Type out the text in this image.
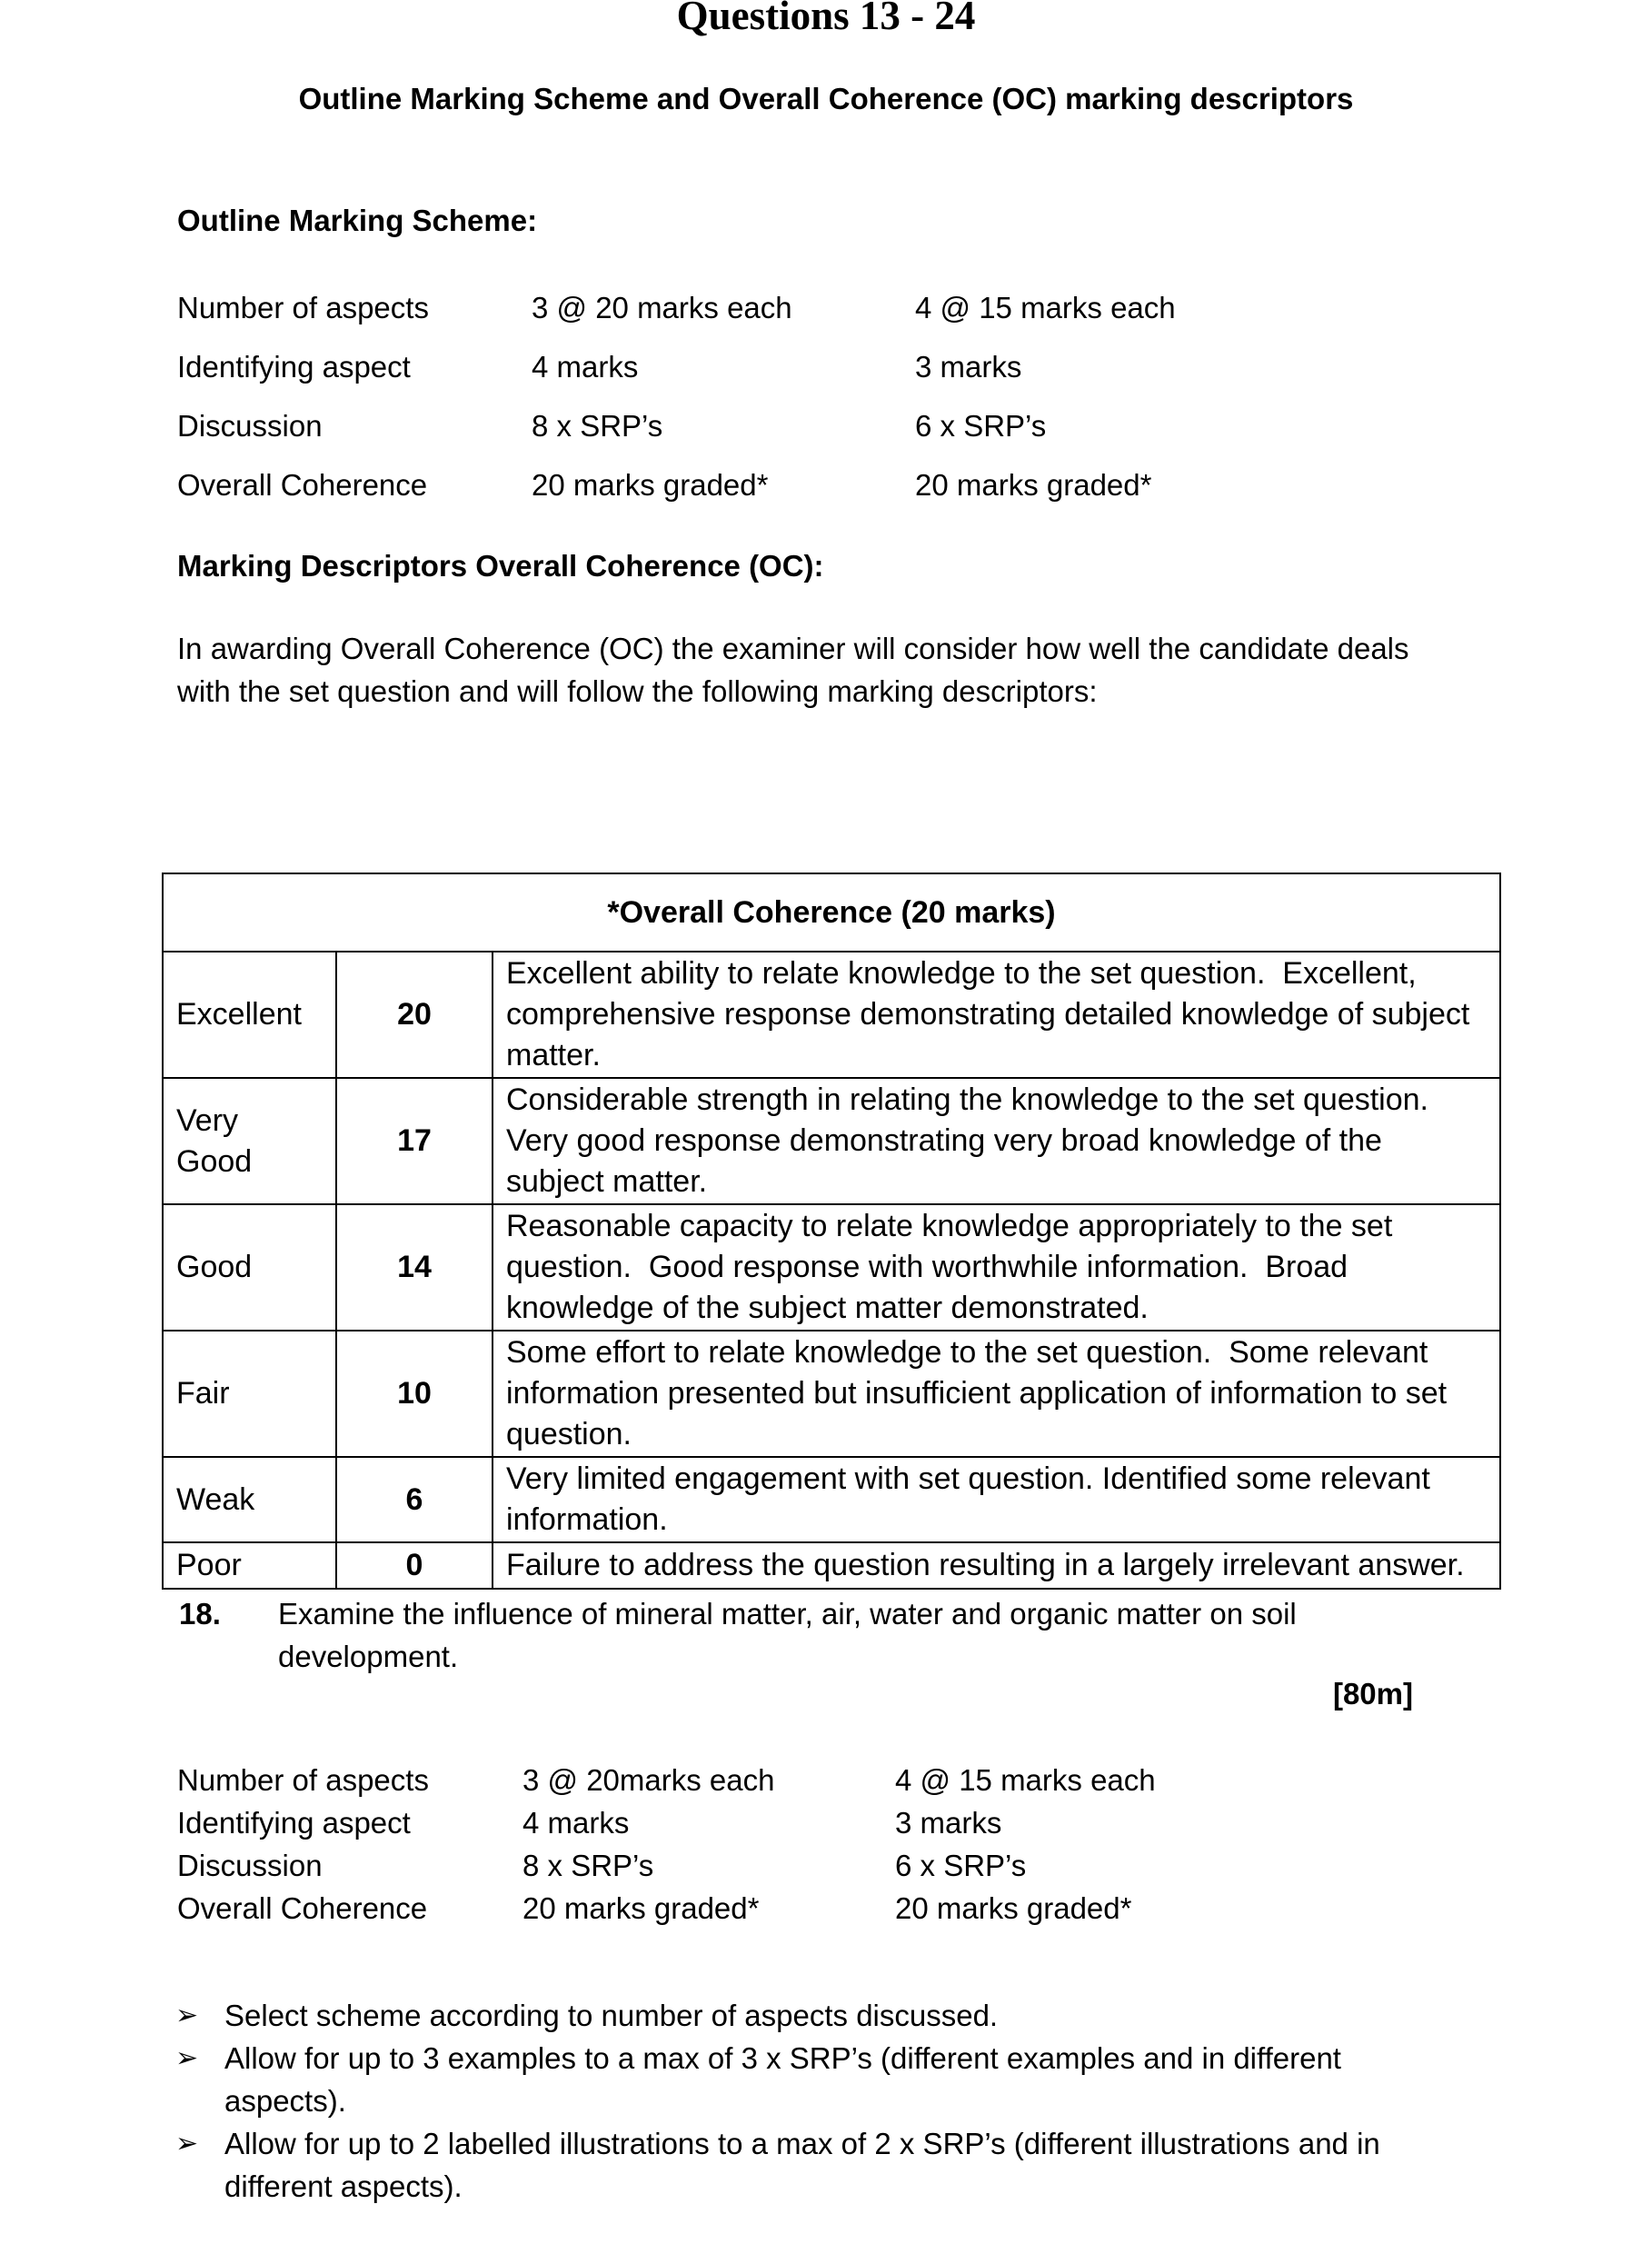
Questions 13 - 24
Outline Marking Scheme and Overall Coherence (OC) marking descriptors
Outline Marking Scheme:
Number of aspects	3 @ 20 marks each	4 @ 15 marks each
Identifying aspect	4 marks	3 marks
Discussion	8 x SRP’s	6 x SRP’s
Overall Coherence	20 marks graded*	20 marks graded*
Marking Descriptors Overall Coherence (OC):
In awarding Overall Coherence (OC) the examiner will consider how well the candidate deals with the set question and will follow the following marking descriptors:
*Overall Coherence (20 marks)		
Excellent	20	Excellent ability to relate knowledge to the set question.  Excellent, comprehensive response demonstrating detailed knowledge of subject matter.
Very Good	17	Considerable strength in relating the knowledge to the set question.  Very good response demonstrating very broad knowledge of the subject matter.
Good	14	Reasonable capacity to relate knowledge appropriately to the set question.  Good response with worthwhile information.  Broad knowledge of the subject matter demonstrated.
Fair	10	Some effort to relate knowledge to the set question.  Some relevant information presented but insufficient application of information to set question.
Weak	6	Very limited engagement with set question. Identified some relevant information.
Poor	0	Failure to address the question resulting in a largely irrelevant answer.
18. Examine the influence of mineral matter, air, water and organic matter on soil development.
[80m]
Number of aspects	3 @ 20marks each	4 @ 15 marks each
Identifying aspect	4 marks	3 marks
Discussion	8 x SRP’s	6 x SRP’s
Overall Coherence	20 marks graded*	20 marks graded*
➢ Select scheme according to number of aspects discussed.
➢ Allow for up to 3 examples to a max of 3 x SRP’s (different examples and in different aspects).
➢ Allow for up to 2 labelled illustrations to a max of 2 x SRP’s (different illustrations and in different aspects).
